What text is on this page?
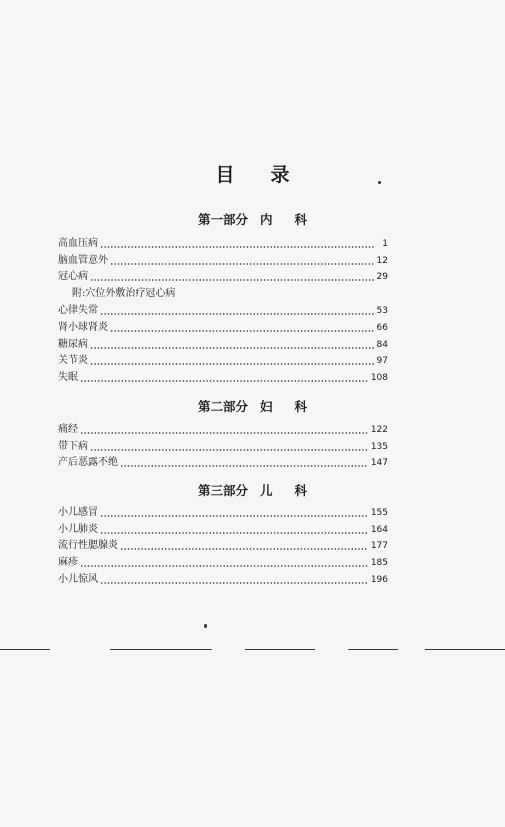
目 录
第一部分 内 科
高血压病	1
脑血管意外	12
冠心病	29
附:穴位外敷治疗冠心病
心律失常	53
肾小球肾炎	66
糖尿病	84
关节炎	97
失眠	108
第二部分 妇 科
痛经	122
带下病	135
产后恶露不绝	147
第三部分 儿 科
小儿感冒	155
小儿肺炎	164
流行性腮腺炎	177
麻疹	185
小儿惊风	196
